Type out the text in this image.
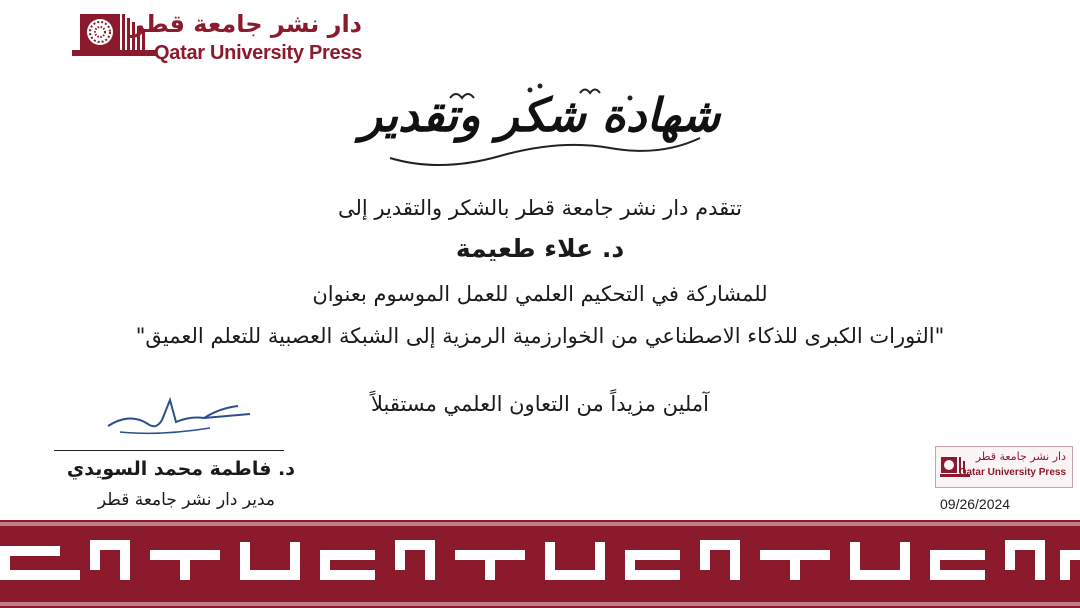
دار نشر جامعة قطر
Qatar University Press
شهادة شكر وتقدير
تتقدم دار نشر جامعة قطر بالشكر والتقدير إلى
د. علاء طعيمة
للمشاركة في التحكيم العلمي للعمل الموسوم بعنوان
"الثورات الكبرى للذكاء الاصطناعي من الخوارزمية الرمزية إلى الشبكة العصبية للتعلم العميق"
آملين مزيداً من التعاون العلمي مستقبلاً
د. فاطمة محمد السويدي
مدير دار نشر جامعة قطر
دار نشر جامعة قطر
Qatar University Press
09/26/2024
